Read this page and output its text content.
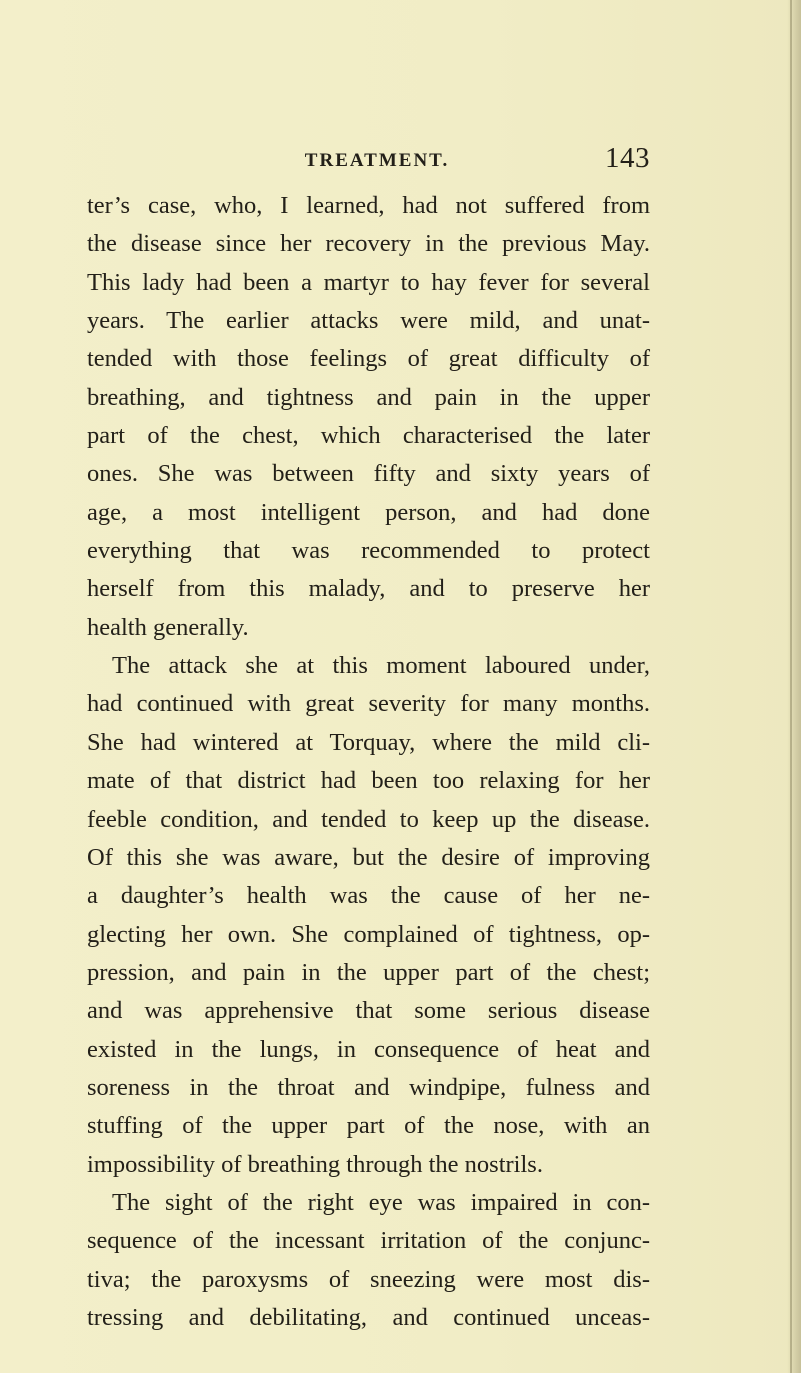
TREATMENT.	143
ter’s case, who, I learned, had not suffered from
the disease since her recovery in the previous May.
This lady had been a martyr to hay fever for several
years. The earlier attacks were mild, and unat-
tended with those feelings of great difficulty of
breathing, and tightness and pain in the upper
part of the chest, which characterised the later
ones. She was between fifty and sixty years of
age, a most intelligent person, and had done
everything that was recommended to protect
herself from this malady, and to preserve her
health generally.
The attack she at this moment laboured under,
had continued with great severity for many months.
She had wintered at Torquay, where the mild cli-
mate of that district had been too relaxing for her
feeble condition, and tended to keep up the disease.
Of this she was aware, but the desire of improving
a daughter’s health was the cause of her ne-
glecting her own. She complained of tightness, op-
pression, and pain in the upper part of the chest;
and was apprehensive that some serious disease
existed in the lungs, in consequence of heat and
soreness in the throat and windpipe, fulness and
stuffing of the upper part of the nose, with an
impossibility of breathing through the nostrils.
The sight of the right eye was impaired in con-
sequence of the incessant irritation of the conjunc-
tiva; the paroxysms of sneezing were most dis-
tressing and debilitating, and continued unceas-
